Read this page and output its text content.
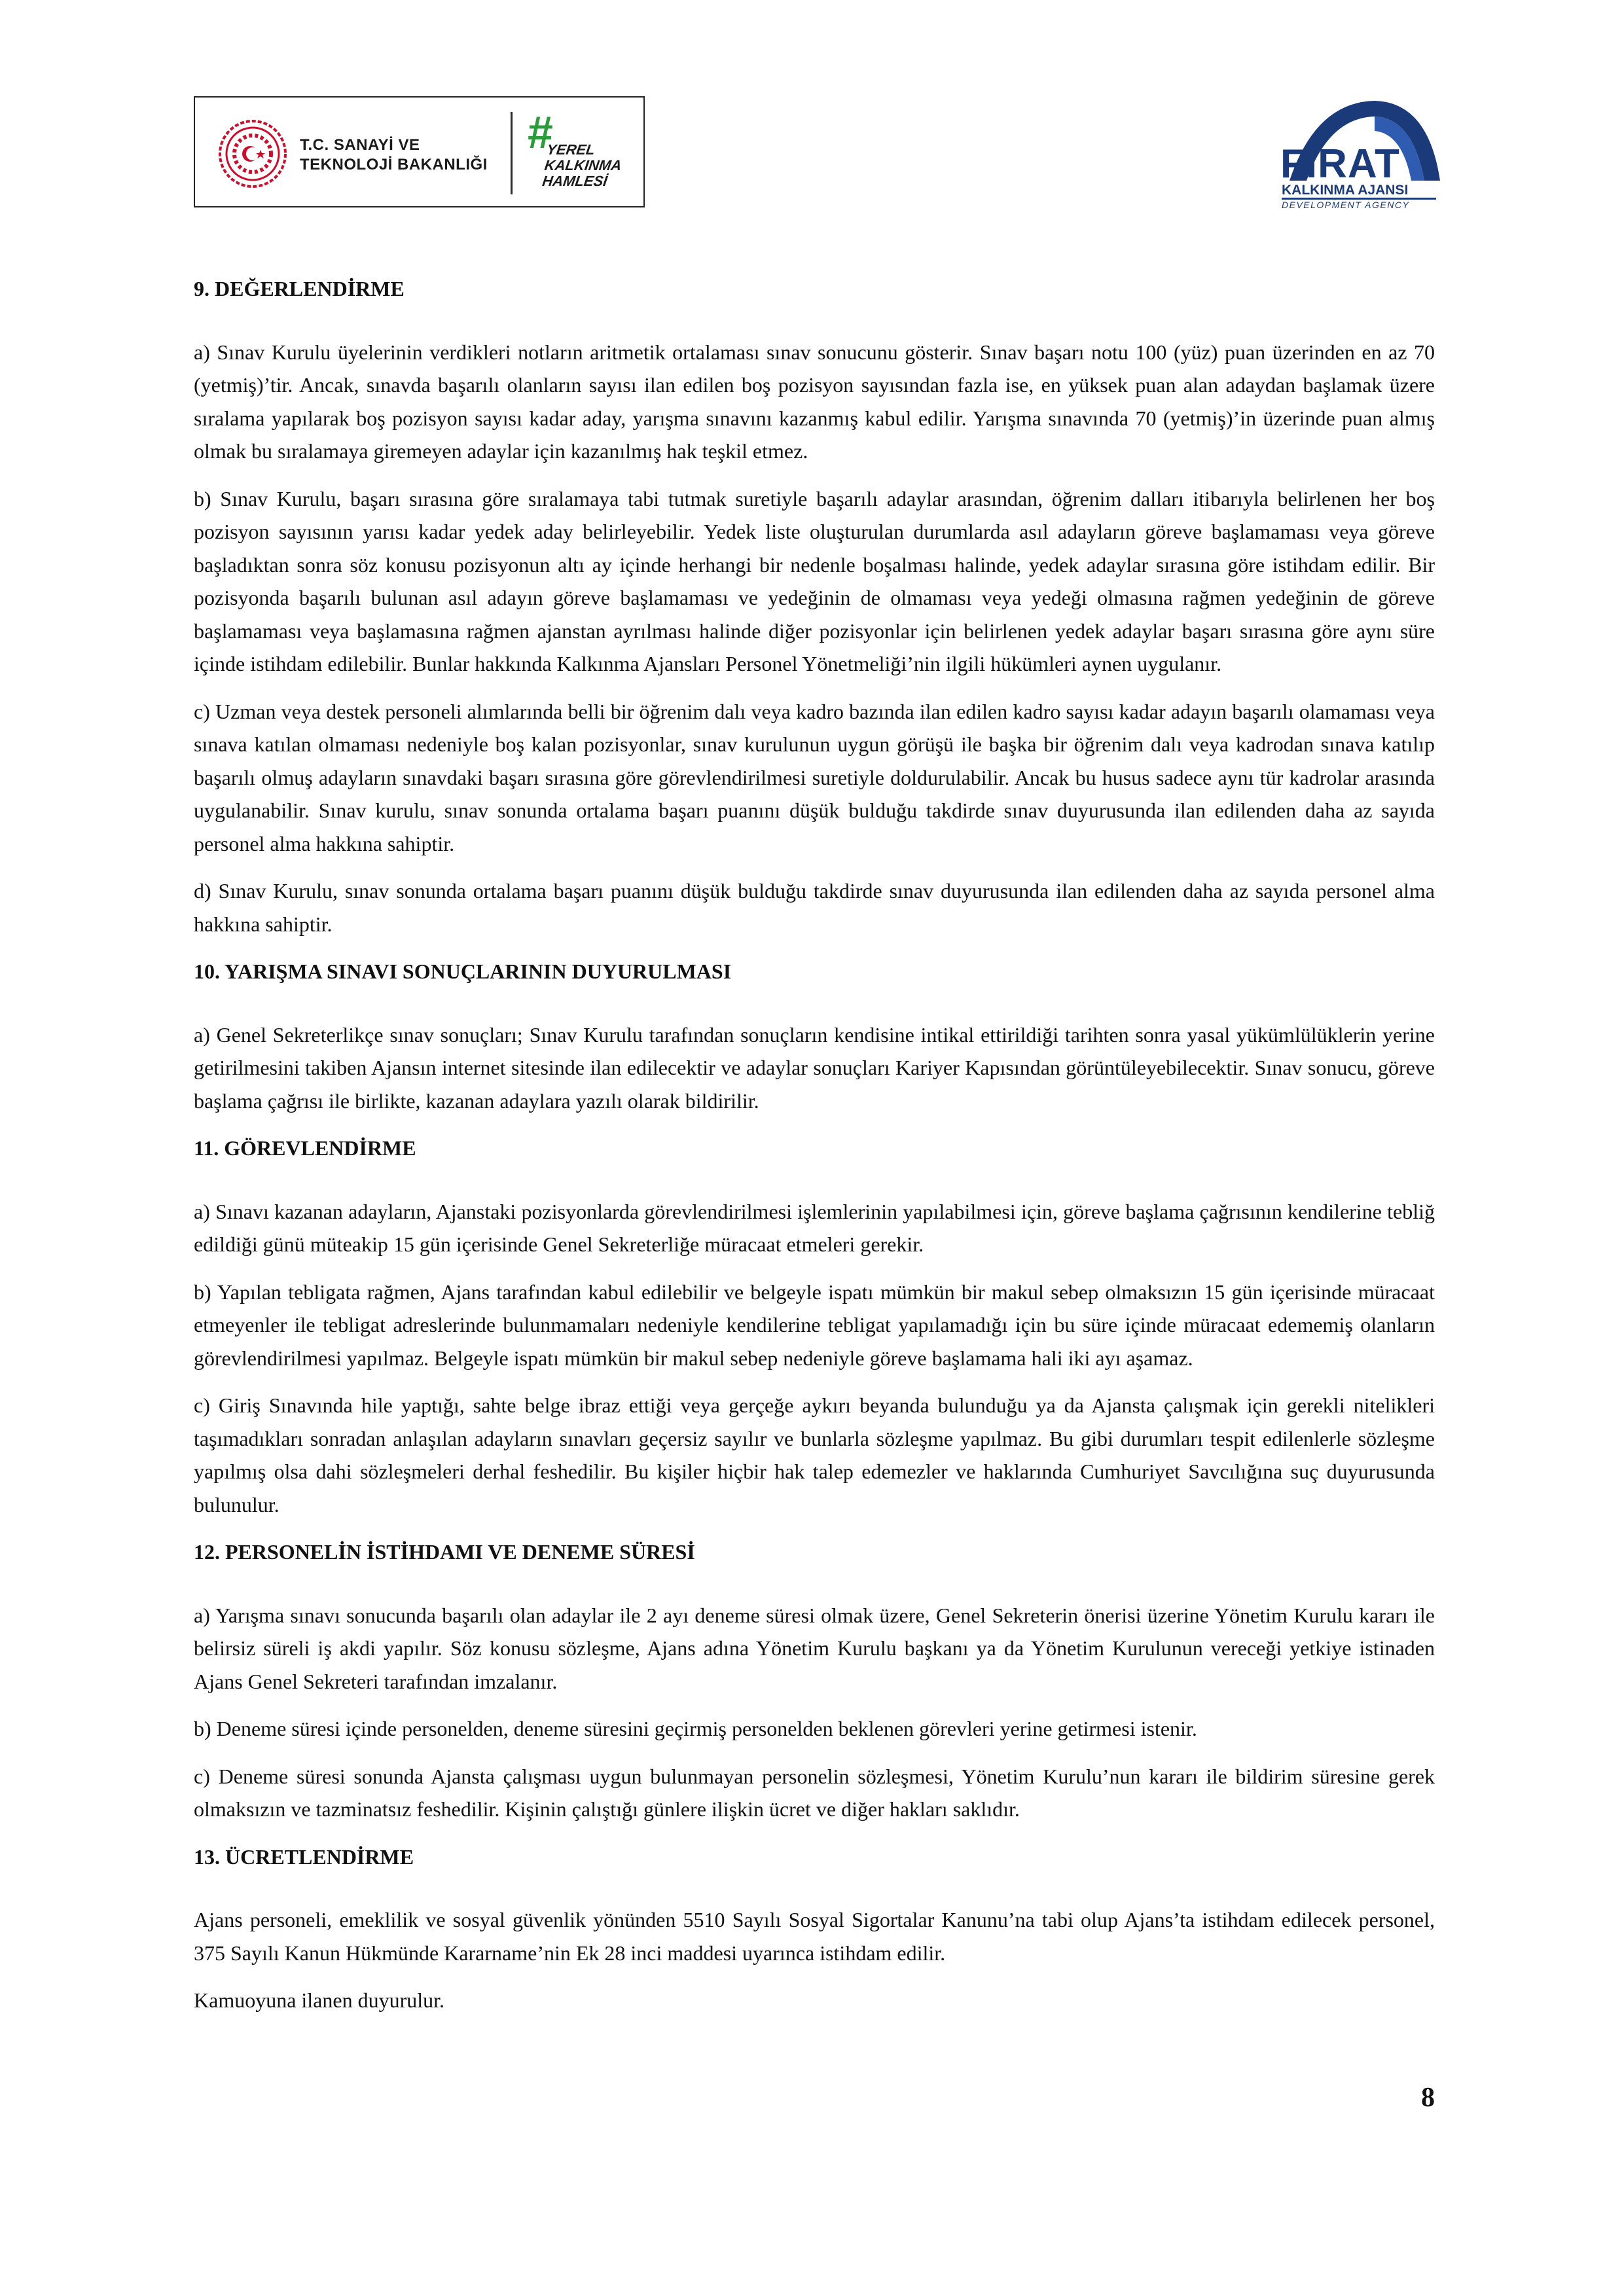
T.C. SANAYİ VE
TEKNOLOJİ BAKANLIĞI
#
YEREL
KALKINMA
HAMLESİ	FIRAT
KALKINMA AJANSI
DEVELOPMENT AGENCY

9. DEĞERLENDİRME

a) Sınav Kurulu üyelerinin verdikleri notların aritmetik ortalaması sınav sonucunu gösterir. Sınav başarı notu 100 (yüz) puan üzerinden en az 70 (yetmiş)’tir. Ancak, sınavda başarılı olanların sayısı ilan edilen boş pozisyon sayısından fazla ise, en yüksek puan alan adaydan başlamak üzere sıralama yapılarak boş pozisyon sayısı kadar aday, yarışma sınavını kazanmış kabul edilir. Yarışma sınavında 70 (yetmiş)’in üzerinde puan almış olmak bu sıralamaya giremeyen adaylar için kazanılmış hak teşkil etmez.

b) Sınav Kurulu, başarı sırasına göre sıralamaya tabi tutmak suretiyle başarılı adaylar arasından, öğrenim dalları itibarıyla belirlenen her boş pozisyon sayısının yarısı kadar yedek aday belirleyebilir. Yedek liste oluşturulan durumlarda asıl adayların göreve başlamaması veya göreve başladıktan sonra söz konusu pozisyonun altı ay içinde herhangi bir nedenle boşalması halinde, yedek adaylar sırasına göre istihdam edilir. Bir pozisyonda başarılı bulunan asıl adayın göreve başlamaması ve yedeğinin de olmaması veya yedeği olmasına rağmen yedeğinin de göreve başlamaması veya başlamasına rağmen ajanstan ayrılması halinde diğer pozisyonlar için belirlenen yedek adaylar başarı sırasına göre aynı süre içinde istihdam edilebilir. Bunlar hakkında Kalkınma Ajansları Personel Yönetmeliği’nin ilgili hükümleri aynen uygulanır.

c) Uzman veya destek personeli alımlarında belli bir öğrenim dalı veya kadro bazında ilan edilen kadro sayısı kadar adayın başarılı olamaması veya sınava katılan olmaması nedeniyle boş kalan pozisyonlar, sınav kurulunun uygun görüşü ile başka bir öğrenim dalı veya kadrodan sınava katılıp başarılı olmuş adayların sınavdaki başarı sırasına göre görevlendirilmesi suretiyle doldurulabilir. Ancak bu husus sadece aynı tür kadrolar arasında uygulanabilir. Sınav kurulu, sınav sonunda ortalama başarı puanını düşük bulduğu takdirde sınav duyurusunda ilan edilenden daha az sayıda personel alma hakkına sahiptir.

d) Sınav Kurulu, sınav sonunda ortalama başarı puanını düşük bulduğu takdirde sınav duyurusunda ilan edilenden daha az sayıda personel alma hakkına sahiptir.

10. YARIŞMA SINAVI SONUÇLARININ DUYURULMASI

a) Genel Sekreterlikçe sınav sonuçları; Sınav Kurulu tarafından sonuçların kendisine intikal ettirildiği tarihten sonra yasal yükümlülüklerin yerine getirilmesini takiben Ajansın internet sitesinde ilan edilecektir ve adaylar sonuçları Kariyer Kapısından görüntüleyebilecektir. Sınav sonucu, göreve başlama çağrısı ile birlikte, kazanan adaylara yazılı olarak bildirilir.

11. GÖREVLENDİRME

a) Sınavı kazanan adayların, Ajanstaki pozisyonlarda görevlendirilmesi işlemlerinin yapılabilmesi için, göreve başlama çağrısının kendilerine tebliğ edildiği günü müteakip 15 gün içerisinde Genel Sekreterliğe müracaat etmeleri gerekir.

b) Yapılan tebligata rağmen, Ajans tarafından kabul edilebilir ve belgeyle ispatı mümkün bir makul sebep olmaksızın 15 gün içerisinde müracaat etmeyenler ile tebligat adreslerinde bulunmamaları nedeniyle kendilerine tebligat yapılamadığı için bu süre içinde müracaat edememiş olanların görevlendirilmesi yapılmaz. Belgeyle ispatı mümkün bir makul sebep nedeniyle göreve başlamama hali iki ayı aşamaz.

c) Giriş Sınavında hile yaptığı, sahte belge ibraz ettiği veya gerçeğe aykırı beyanda bulunduğu ya da Ajansta çalışmak için gerekli nitelikleri taşımadıkları sonradan anlaşılan adayların sınavları geçersiz sayılır ve bunlarla sözleşme yapılmaz. Bu gibi durumları tespit edilenlerle sözleşme yapılmış olsa dahi sözleşmeleri derhal feshedilir. Bu kişiler hiçbir hak talep edemezler ve haklarında Cumhuriyet Savcılığına suç duyurusunda bulunulur.

12. PERSONELİN İSTİHDAMI VE DENEME SÜRESİ

a) Yarışma sınavı sonucunda başarılı olan adaylar ile 2 ayı deneme süresi olmak üzere, Genel Sekreterin önerisi üzerine Yönetim Kurulu kararı ile belirsiz süreli iş akdi yapılır. Söz konusu sözleşme, Ajans adına Yönetim Kurulu başkanı ya da Yönetim Kurulunun vereceği yetkiye istinaden Ajans Genel Sekreteri tarafından imzalanır.

b) Deneme süresi içinde personelden, deneme süresini geçirmiş personelden beklenen görevleri yerine getirmesi istenir.

c) Deneme süresi sonunda Ajansta çalışması uygun bulunmayan personelin sözleşmesi, Yönetim Kurulu’nun kararı ile bildirim süresine gerek olmaksızın ve tazminatsız feshedilir. Kişinin çalıştığı günlere ilişkin ücret ve diğer hakları saklıdır.

13. ÜCRETLENDİRME

Ajans personeli, emeklilik ve sosyal güvenlik yönünden 5510 Sayılı Sosyal Sigortalar Kanunu’na tabi olup Ajans’ta istihdam edilecek personel, 375 Sayılı Kanun Hükmünde Kararname’nin Ek 28 inci maddesi uyarınca istihdam edilir.

Kamuoyuna ilanen duyurulur.

8
